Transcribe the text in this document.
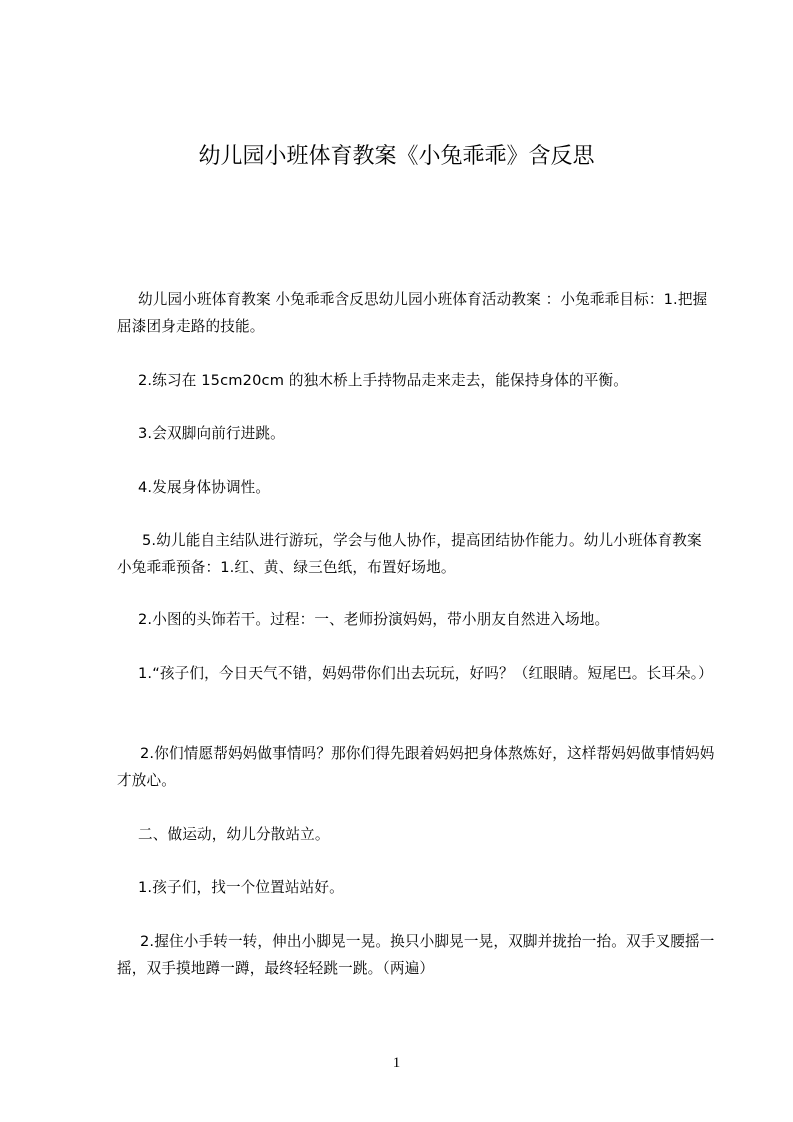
幼儿园小班体育教案《小兔乖乖》含反思
幼儿园小班体育教案 小兔乖乖含反思幼儿园小班体育活动教案 ：小兔乖乖目标：1.把握屈漆团身走路的技能。
2.练习在 15cm20cm 的独木桥上手持物品走来走去，能保持身体的平衡。
3.会双脚向前行进跳。
4.发展身体协调性。
5.幼儿能自主结队进行游玩，学会与他人协作，提高团结协作能力。幼儿小班体育教案 小兔乖乖预备：1.红、黄、绿三色纸，布置好场地。
2.小图的头饰若干。过程：一、老师扮演妈妈，带小朋友自然进入场地。
1.“孩子们，今日天气不错，妈妈带你们出去玩玩，好吗？（红眼睛。短尾巴。长耳朵。）
2.你们情愿帮妈妈做事情吗？那你们得先跟着妈妈把身体熬炼好，这样帮妈妈做事情妈妈才放心。
二、做运动，幼儿分散站立。
1.孩子们，找一个位置站站好。
2.握住小手转一转，伸出小脚晃一晃。换只小脚晃一晃，双脚并拢抬一抬。双手叉腰摇一摇，双手摸地蹲一蹲，最终轻轻跳一跳。（两遍）
1
